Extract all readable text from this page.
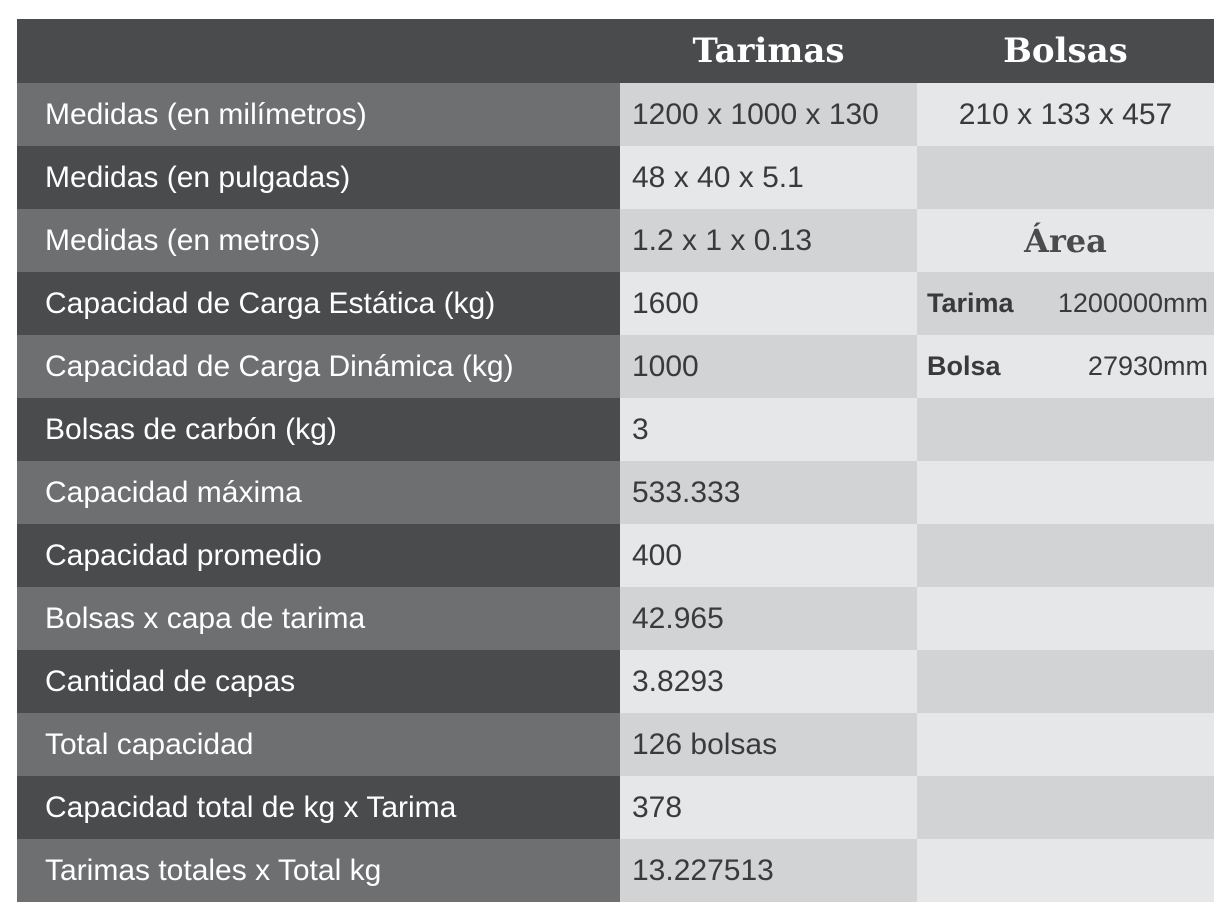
	Tarimas	Bolsas
Medidas (en milímetros)	1200 x 1000 x 130	210 x 133 x 457
Medidas (en pulgadas)	48 x 40 x 5.1	
Medidas (en metros)	1.2 x 1 x 0.13	Área
Capacidad de Carga Estática (kg)	1600	Tarima 1200000mm

Capacidad de Carga Dinámica (kg)	1000	Bolsa 27930mm

Bolsas de carbón (kg)	3	
Capacidad máxima	533.333	
Capacidad promedio	400	
Bolsas x capa de tarima	42.965	
Cantidad de capas	3.8293	
Total capacidad	126 bolsas	
Capacidad total de kg x Tarima	378	
Tarimas totales x Total kg	13.227513	
